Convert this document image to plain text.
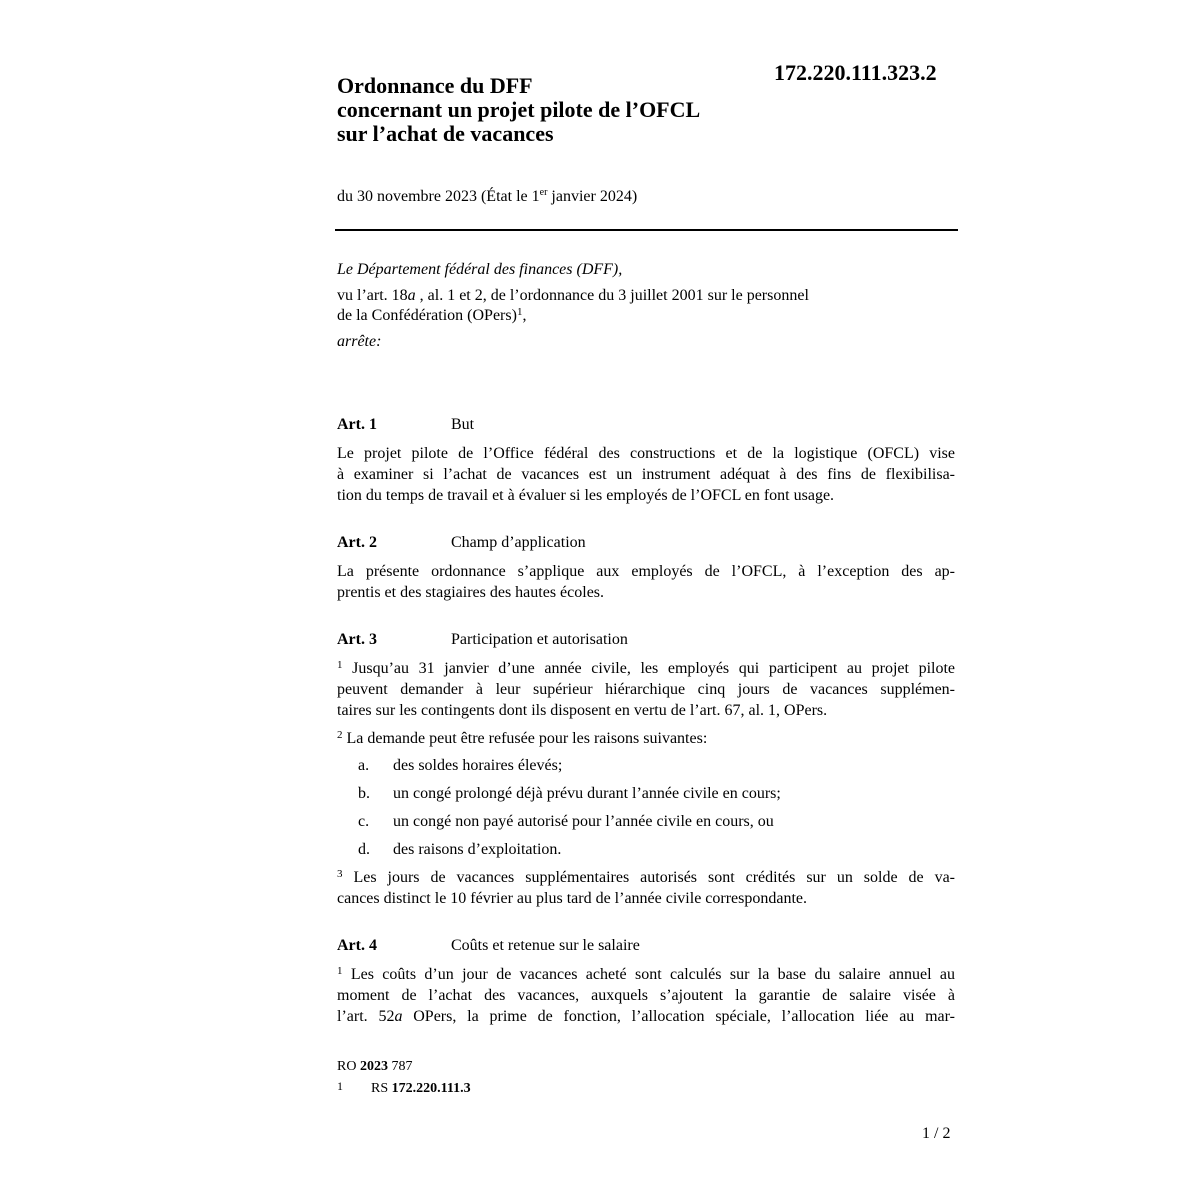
172.220.111.323.2
Ordonnance du DFF
concernant un projet pilote de l’OFCL
sur l’achat de vacances
du 30 novembre 2023 (État le 1er janvier 2024)
Le Département fédéral des finances (DFF),
vu l’art. 18a , al. 1 et 2, de l’ordonnance du 3 juillet 2001 sur le personnel
de la Confédération (OPers)$^1$,
arrête:
Art. 1	But
Le projet pilote de l’Office fédéral des constructions et de la logistique (OFCL) vise
à examiner si l’achat de vacances est un instrument adéquat à des fins de flexibilisa-
tion du temps de travail et à évaluer si les employés de l’OFCL en font usage.
Art. 2	Champ d’application
La présente ordonnance s’applique aux employés de l’OFCL, à l’exception des ap-
prentis et des stagiaires des hautes écoles.
Art. 3	Participation et autorisation
$^1$ Jusqu’au 31 janvier d’une année civile, les employés qui participent au projet pilote
peuvent demander à leur supérieur hiérarchique cinq jours de vacances supplémen-
taires sur les contingents dont ils disposent en vertu de l’art. 67, al. 1, OPers.
$^2$ La demande peut être refusée pour les raisons suivantes:
a. des soldes horaires élevés;
b. un congé prolongé déjà prévu durant l’année civile en cours;
c. un congé non payé autorisé pour l’année civile en cours, ou
d. des raisons d’exploitation.
$^3$ Les jours de vacances supplémentaires autorisés sont crédités sur un solde de va-
cances distinct le 10 février au plus tard de l’année civile correspondante.
Art. 4	Coûts et retenue sur le salaire
$^1$ Les coûts d’un jour de vacances acheté sont calculés sur la base du salaire annuel au
moment de l’achat des vacances, auxquels s’ajoutent la garantie de salaire visée à
l’art. 52a OPers, la prime de fonction, l’allocation spéciale, l’allocation liée au mar-
RO 2023 787
1 RS 172.220.111.3
1 / 2
